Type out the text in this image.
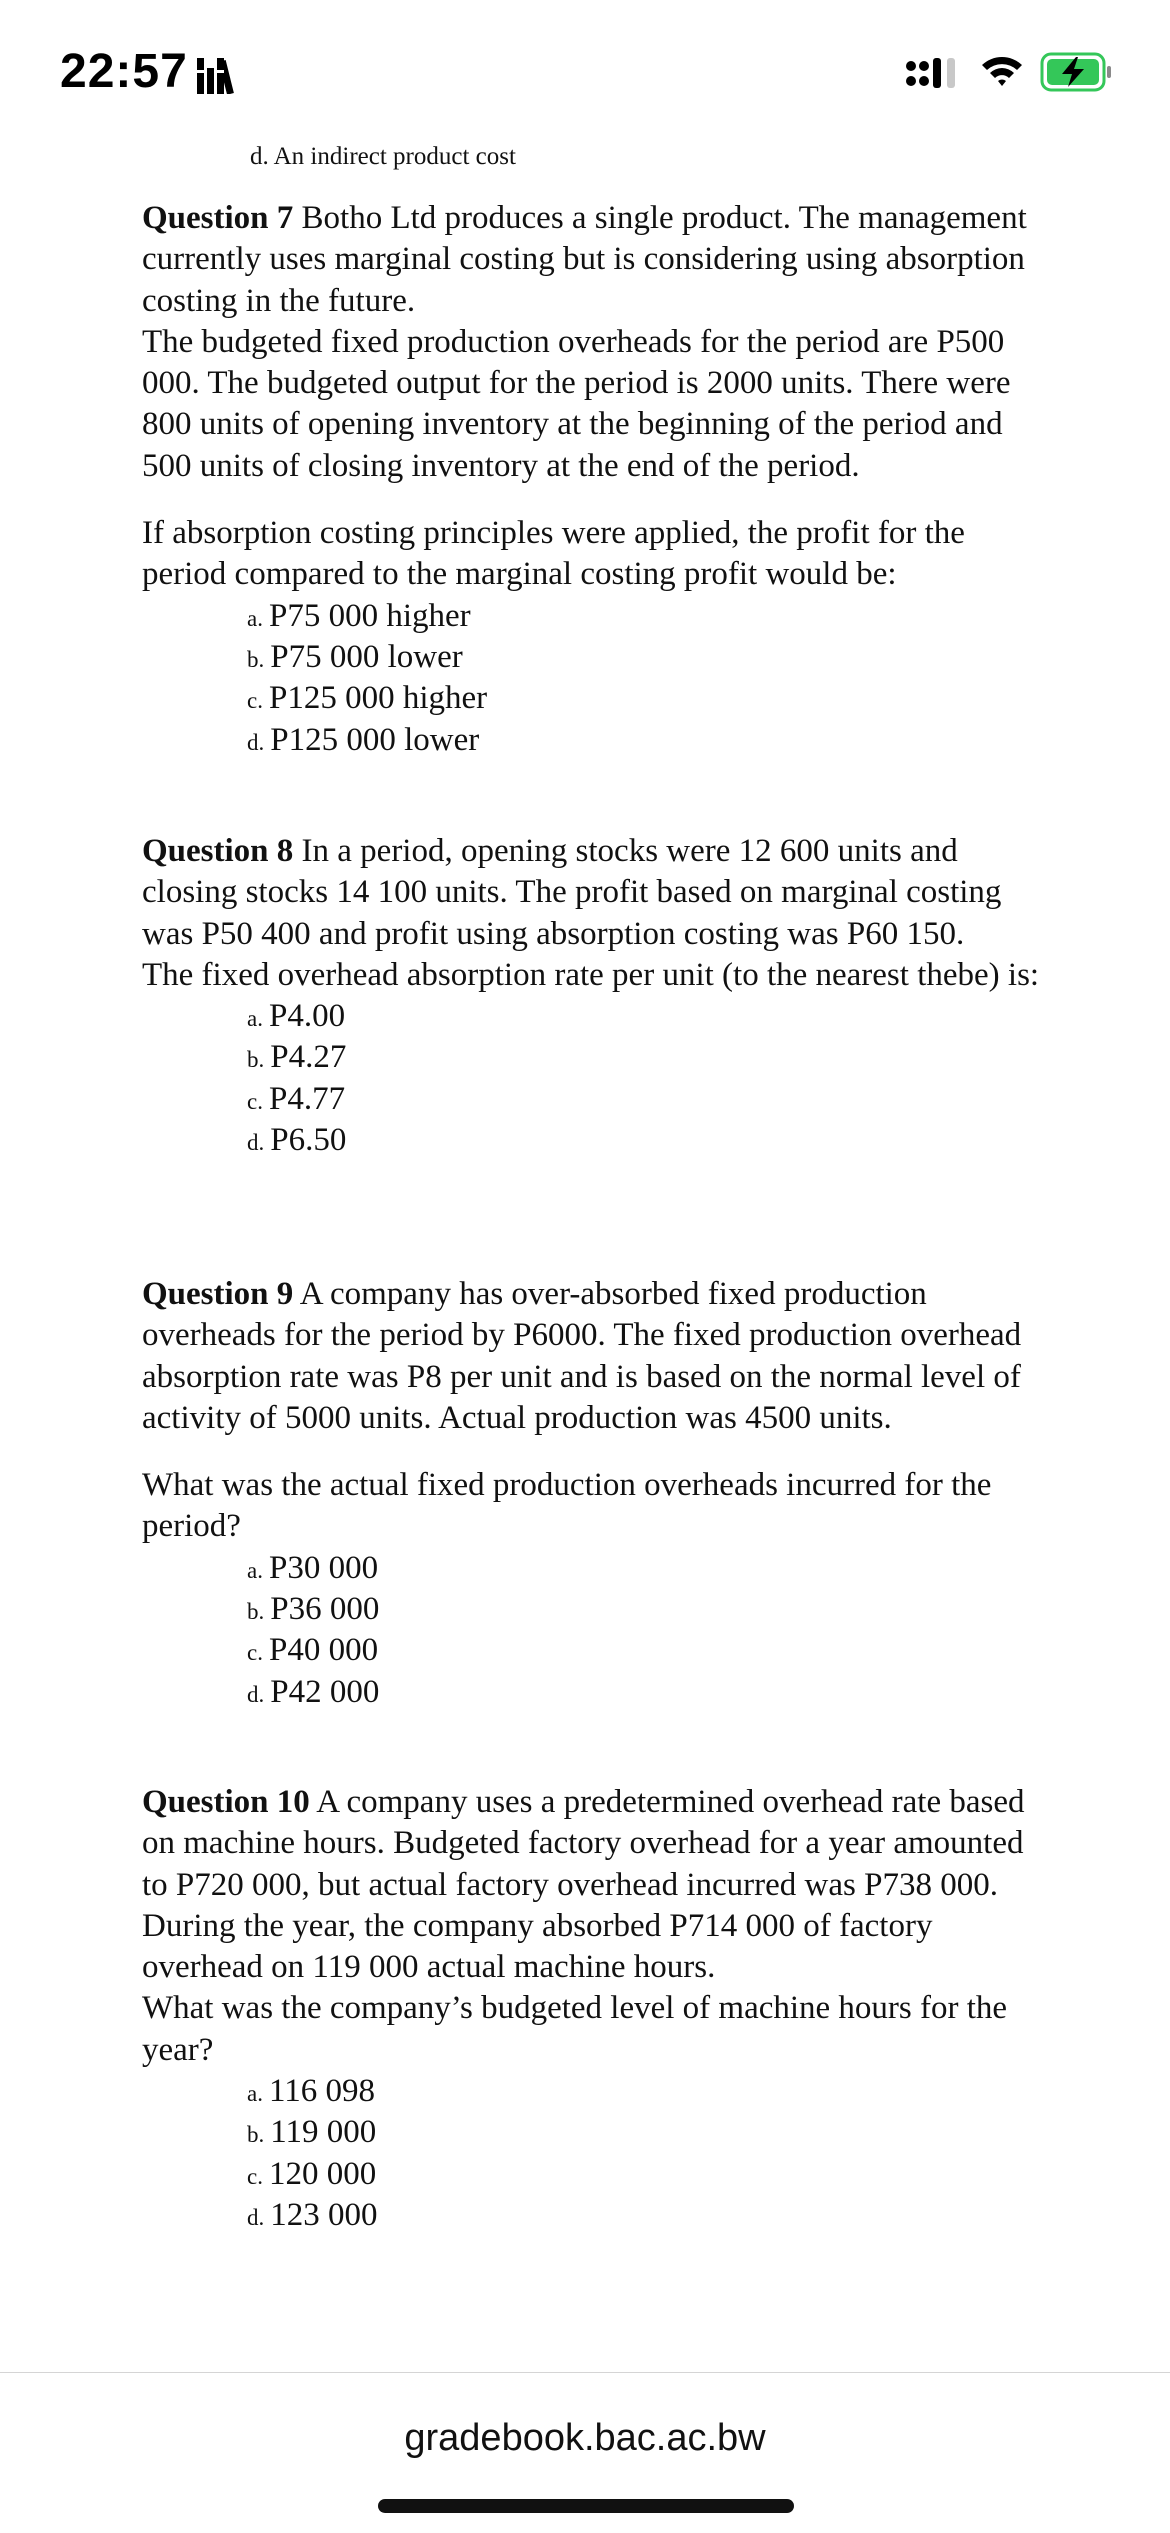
22:57
d. An indirect product cost

Question 7 Botho Ltd produces a single product. The management currently uses marginal costing but is considering using absorption costing in the future.

The budgeted fixed production overheads for the period are P500 000. The budgeted output for the period is 2000 units. There were 800 units of opening inventory at the beginning of the period and 500 units of closing inventory at the end of the period.

If absorption costing principles were applied, the profit for the period compared to the marginal costing profit would be:

a. P75 000 higher
b. P75 000 lower
c. P125 000 higher
d. P125 000 lower

Question 8 In a period, opening stocks were 12 600 units and closing stocks 14 100 units. The profit based on marginal costing was P50 400 and profit using absorption costing was P60 150.

The fixed overhead absorption rate per unit (to the nearest thebe) is:

a. P4.00
b. P4.27
c. P4.77
d. P6.50

Question 9 A company has over-absorbed fixed production overheads for the period by P6000. The fixed production overhead absorption rate was P8 per unit and is based on the normal level of activity of 5000 units. Actual production was 4500 units.

What was the actual fixed production overheads incurred for the period?

a. P30 000
b. P36 000
c. P40 000
d. P42 000

Question 10 A company uses a predetermined overhead rate based on machine hours. Budgeted factory overhead for a year amounted to P720 000, but actual factory overhead incurred was P738 000.

During the year, the company absorbed P714 000 of factory overhead on 119 000 actual machine hours.

What was the company’s budgeted level of machine hours for the year?

a. 116 098
b. 119 000
c. 120 000
d. 123 000
gradebook.bac.ac.bw
